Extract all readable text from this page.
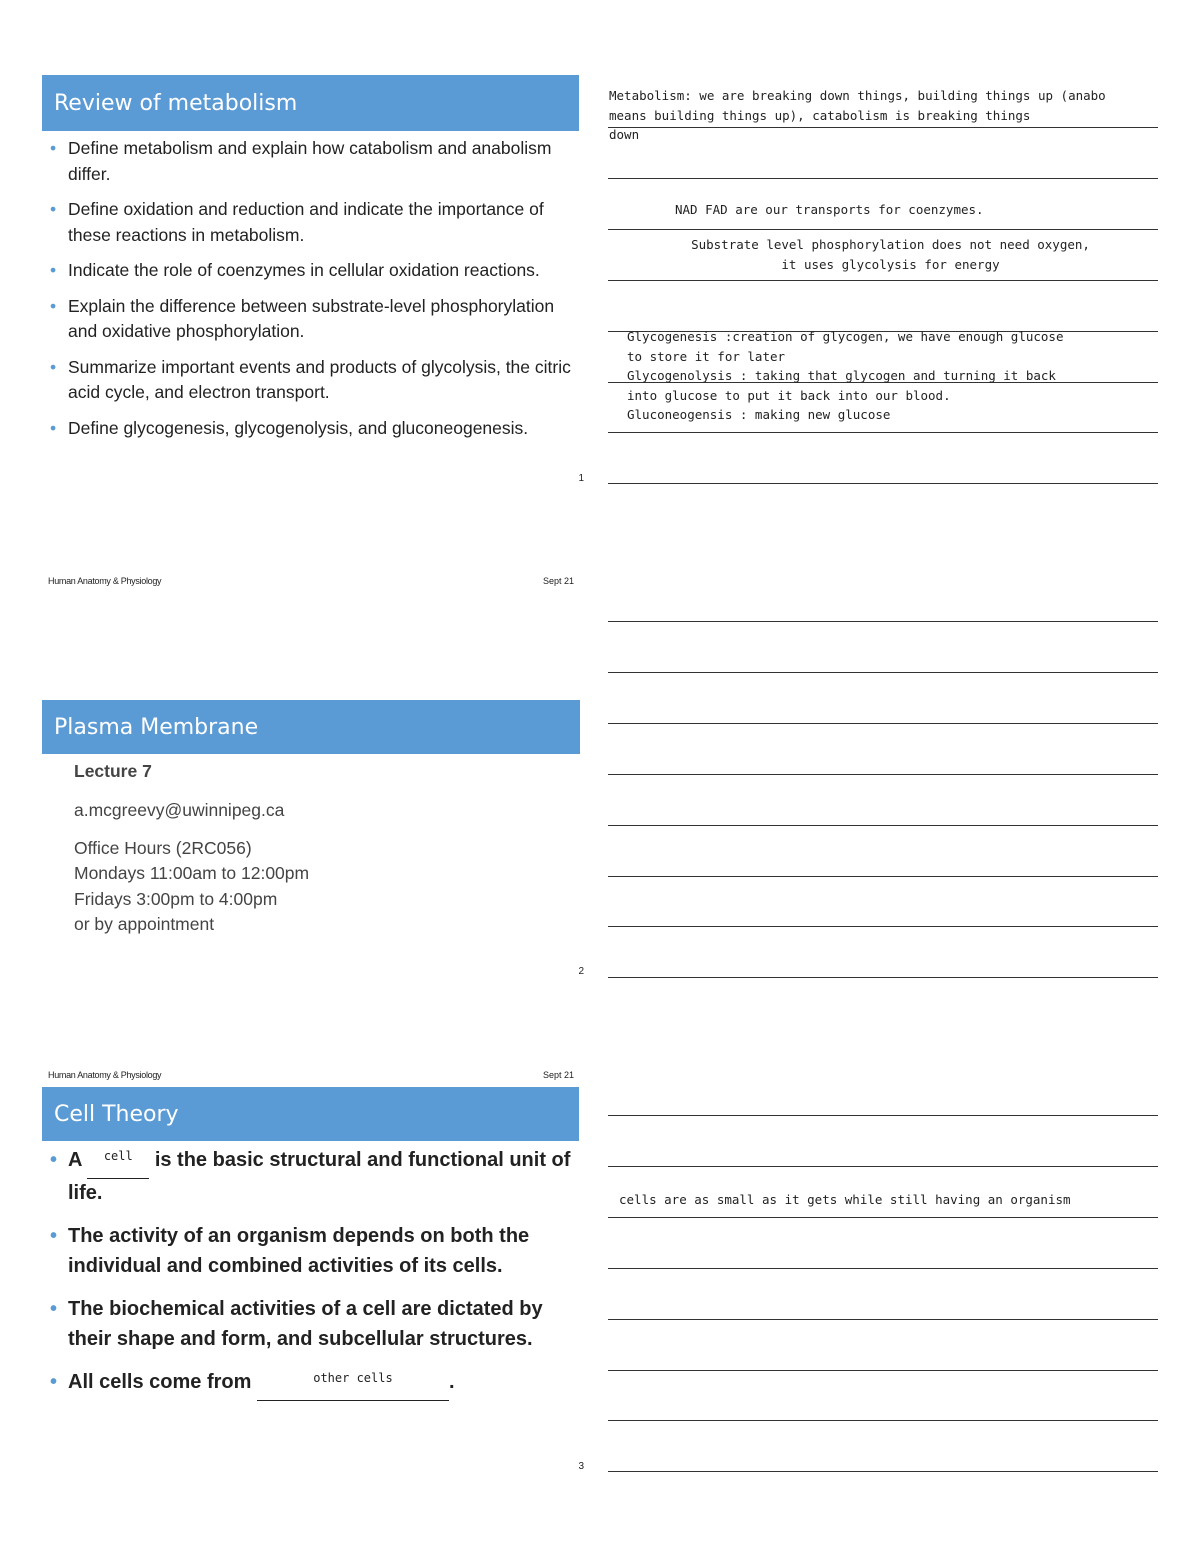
Review of metabolism
• Define metabolism and explain how catabolism and anabolism differ.
• Define oxidation and reduction and indicate the importance of these reactions in metabolism.
• Indicate the role of coenzymes in cellular oxidation reactions.
• Explain the difference between substrate-level phosphorylation and oxidative phosphorylation.
• Summarize important events and products of glycolysis, the citric acid cycle, and electron transport.
• Define glycogenesis, glycogenolysis, and gluconeogenesis.
1
Human Anatomy & Physiology	Sept 21
Plasma Membrane
Lecture 7
a.mcgreevy@uwinnipeg.ca
Office Hours (2RC056)
Mondays 11:00am to 12:00pm
Fridays 3:00pm to 4:00pm
or by appointment
2
Human Anatomy & Physiology	Sept 21
Cell Theory
• A $^{cell}$ is the basic structural and functional unit of life.
• The activity of an organism depends on both the individual and combined activities of its cells.
• The biochemical activities of a cell are dictated by their shape and form, and subcellular structures.
• All cells come from	$^{other cells}$	.
3
Metabolism: we are breaking down things, building things up (anabo
means building things up), catabolism is breaking things
down
NAD FAD are our transports for coenzymes.
Substrate level phosphorylation does not need oxygen,
it uses glycolysis for energy
Glycogenesis :creation of glycogen, we have enough glucose
to store it for later
Glycogenolysis : taking that glycogen and turning it back
into glucose to put it back into our blood.
Gluconeogensis : making new glucose
cells are as small as it gets while still having an organism
